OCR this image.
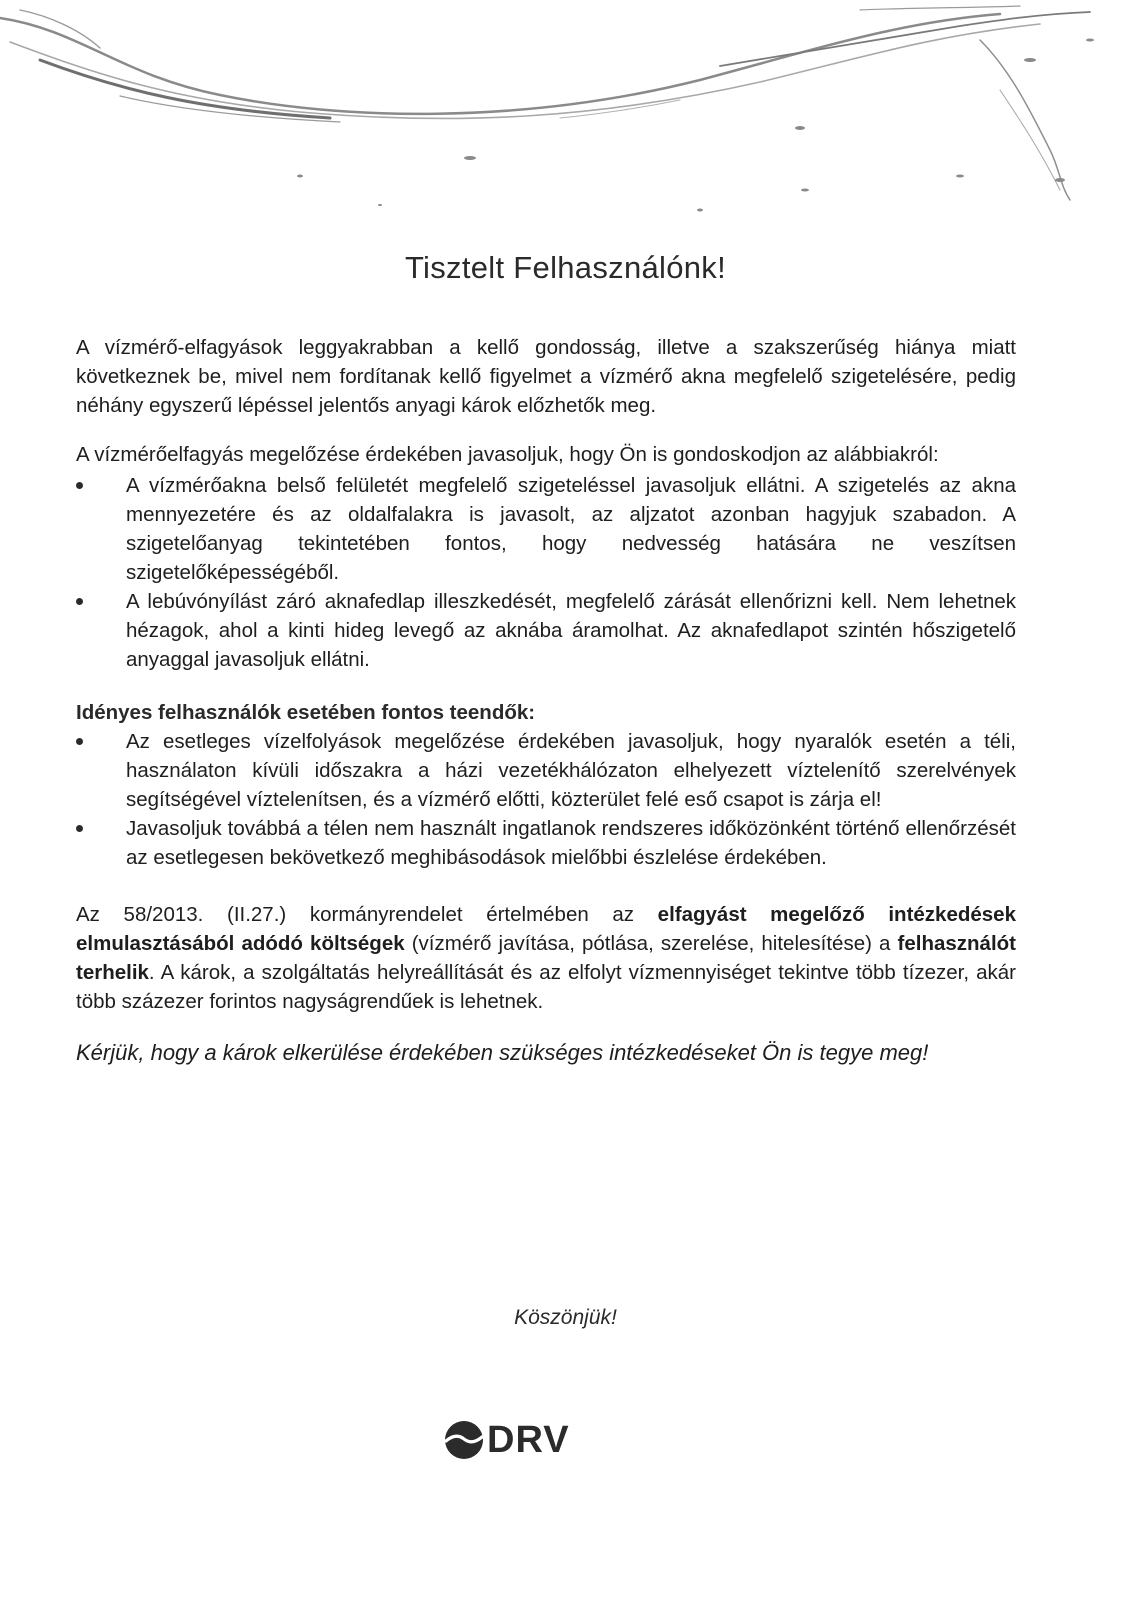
Tisztelt Felhasználónk!

A vízmérő-elfagyások leggyakrabban a kellő gondosság, illetve a szakszerűség hiánya miatt következnek be, mivel nem fordítanak kellő figyelmet a vízmérő akna megfelelő szigetelésére, pedig néhány egyszerű lépéssel jelentős anyagi károk előzhetők meg.

A vízmérőelfagyás megelőzése érdekében javasoljuk, hogy Ön is gondoskodjon az alábbiakról:

A vízmérőakna belső felületét megfelelő szigeteléssel javasoljuk ellátni. A szigetelés az akna mennyezetére és az oldalfalakra is javasolt, az aljzatot azonban hagyjuk szabadon. A szigetelőanyag tekintetében fontos, hogy nedvesség hatására ne veszítsen szigetelőképességéből.
A lebúvónyílást záró aknafedlap illeszkedését, megfelelő zárását ellenőrizni kell. Nem lehetnek hézagok, ahol a kinti hideg levegő az aknába áramolhat. Az aknafedlapot szintén hőszigetelő anyaggal javasoljuk ellátni.

Idényes felhasználók esetében fontos teendők:

Az esetleges vízelfolyások megelőzése érdekében javasoljuk, hogy nyaralók esetén a téli, használaton kívüli időszakra a házi vezetékhálózaton elhelyezett víztelenítő szerelvények segítségével víztelenítsen, és a vízmérő előtti, közterület felé eső csapot is zárja el!
Javasoljuk továbbá a télen nem használt ingatlanok rendszeres időközönként történő ellenőrzését az esetlegesen bekövetkező meghibásodások mielőbbi észlelése érdekében.

Az 58/2013. (II.27.) kormányrendelet értelmében az elfagyást megelőző intézkedések elmulasztásából adódó költségek (vízmérő javítása, pótlása, szerelése, hitelesítése) a felhasználót terhelik. A károk, a szolgáltatás helyreállítását és az elfolyt vízmennyiséget tekintve több tízezer, akár több százezer forintos nagyságrendűek is lehetnek.

Kérjük, hogy a károk elkerülése érdekében szükséges intézkedéseket Ön is tegye meg!

Köszönjük!
DRV
